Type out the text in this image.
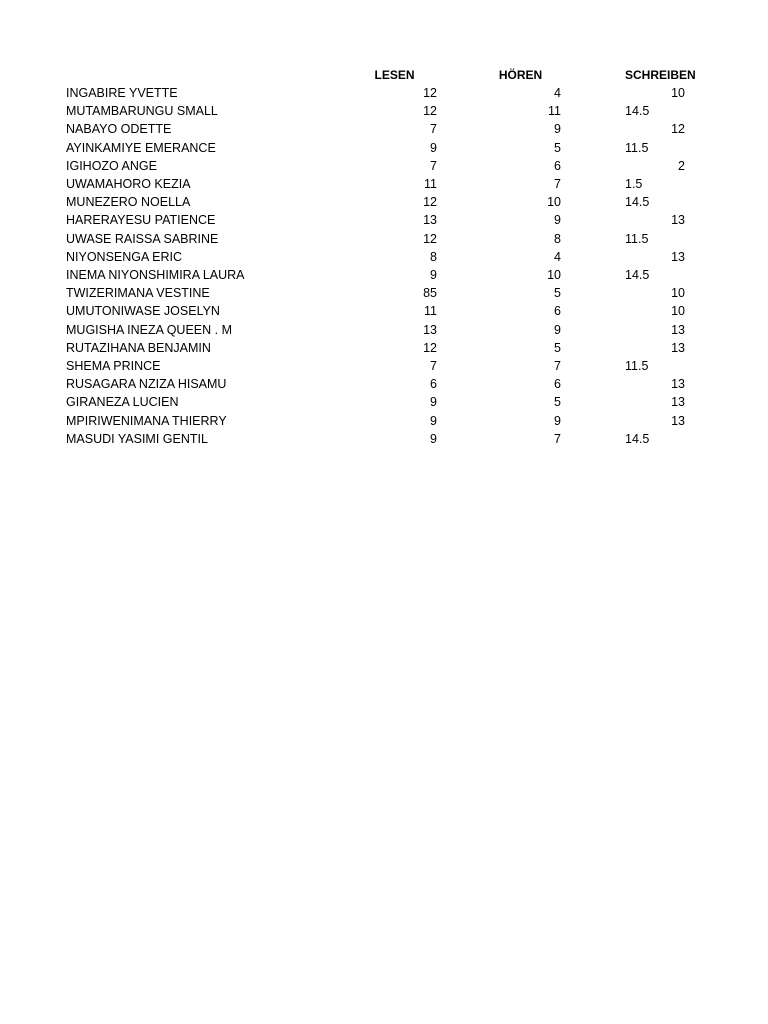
LESEN	HÖREN	SCHREIBEN
INGABIRE YVETTE	12	4	10
MUTAMBARUNGU SMALL	12	11	14.5
NABAYO ODETTE	7	9	12
AYINKAMIYE EMERANCE	9	5	11.5
IGIHOZO ANGE	7	6	2
UWAMAHORO KEZIA	11	7	1.5
MUNEZERO NOELLA	12	10	14.5
HARERAYESU PATIENCE	13	9	13
UWASE RAISSA SABRINE	12	8	11.5
NIYONSENGA ERIC	8	4	13
INEMA NIYONSHIMIRA LAURA	9	10	14.5
TWIZERIMANA VESTINE	85	5	10
UMUTONIWASE JOSELYN	11	6	10
MUGISHA INEZA QUEEN . M	13	9	13
RUTAZIHANA BENJAMIN	12	5	13
SHEMA PRINCE	7	7	11.5
RUSAGARA NZIZA HISAMU	6	6	13
GIRANEZA LUCIEN	9	5	13
MPIRIWENIMANA THIERRY	9	9	13
MASUDI YASIMI GENTIL	9	7	14.5
